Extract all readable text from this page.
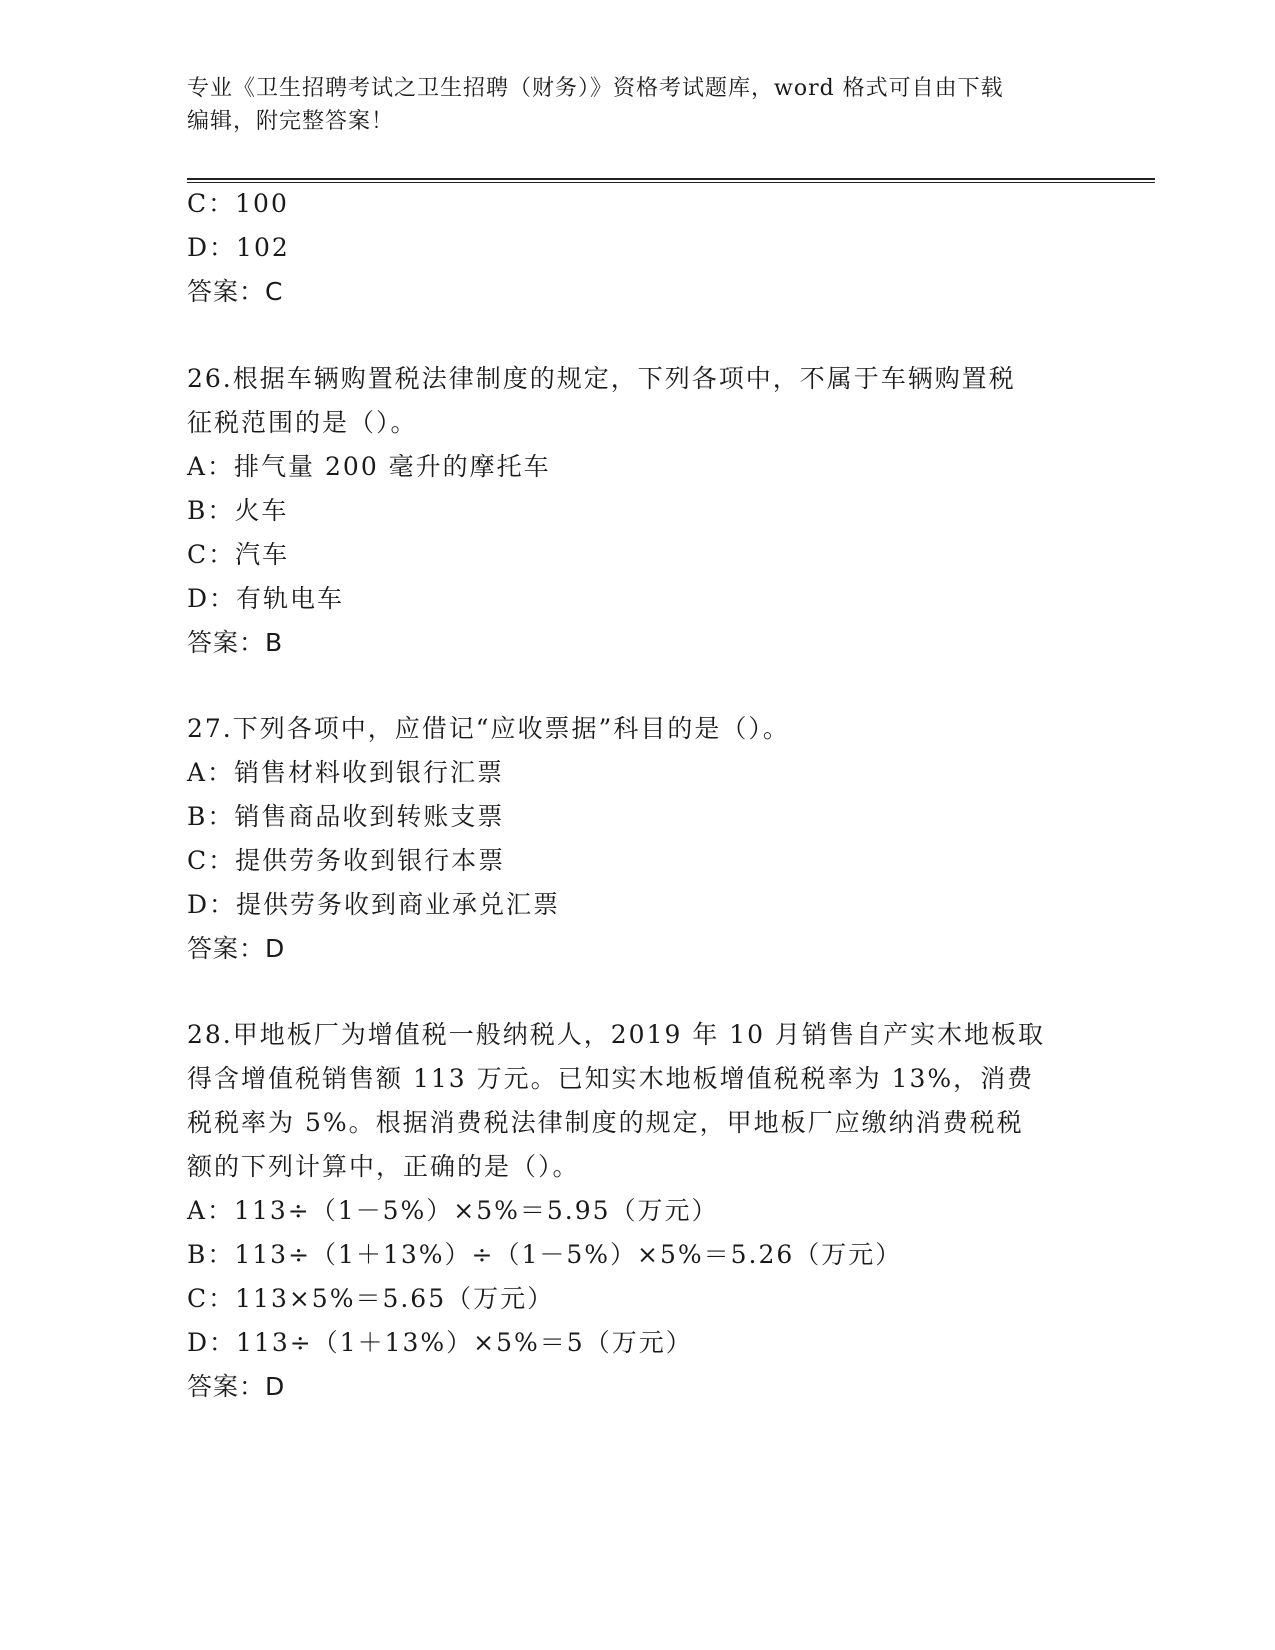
专业《卫生招聘考试之卫生招聘（财务）》资格考试题库，word 格式可自由下载
编辑，附完整答案！
C：100
D：102
答案：C
26.根据车辆购置税法律制度的规定，下列各项中，不属于车辆购置税
征税范围的是（）。
A：排气量 200 毫升的摩托车
B：火车
C：汽车
D：有轨电车
答案：B
27.下列各项中，应借记“应收票据”科目的是（）。
A：销售材料收到银行汇票
B：销售商品收到转账支票
C：提供劳务收到银行本票
D：提供劳务收到商业承兑汇票
答案：D
28.甲地板厂为增值税一般纳税人，2019 年 10 月销售自产实木地板取
得含增值税销售额 113 万元。已知实木地板增值税税率为 13%，消费
税税率为 5%。根据消费税法律制度的规定，甲地板厂应缴纳消费税税
额的下列计算中，正确的是（）。
A：113÷（1－5%）×5%＝5.95（万元）
B：113÷（1＋13%）÷（1－5%）×5%＝5.26（万元）
C：113×5%＝5.65（万元）
D：113÷（1＋13%）×5%＝5（万元）
答案：D
